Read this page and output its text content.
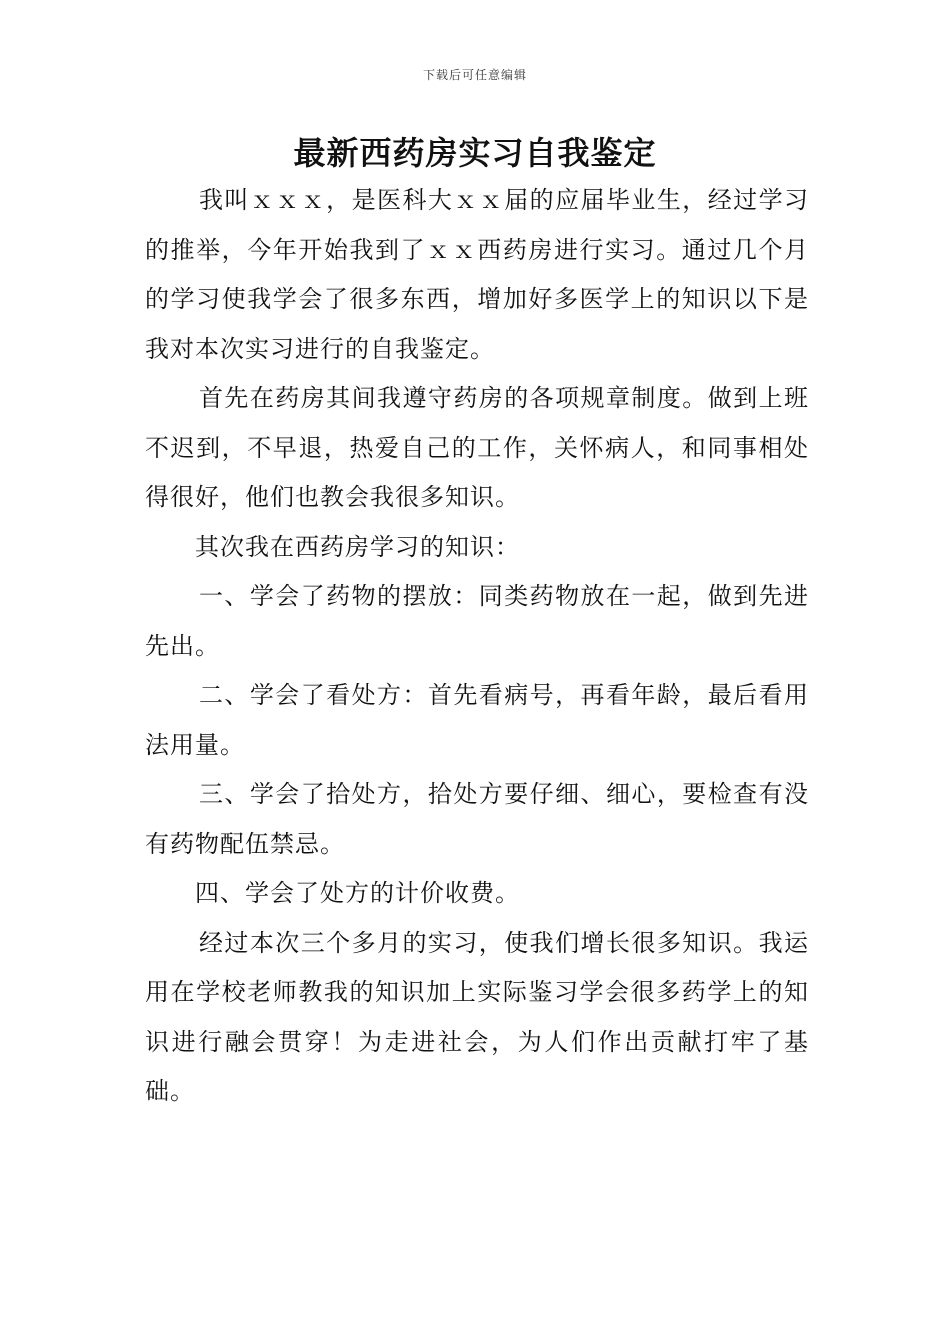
下载后可任意编辑
最新西药房实习自我鉴定

我叫ｘｘｘ，是医科大ｘｘ届的应届毕业生，经过学习的推举，今年开始我到了ｘｘ西药房进行实习。通过几个月的学习使我学会了很多东西，增加好多医学上的知识以下是我对本次实习进行的自我鉴定。

首先在药房其间我遵守药房的各项规章制度。做到上班不迟到，不早退，热爱自己的工作，关怀病人，和同事相处得很好，他们也教会我很多知识。

其次我在西药房学习的知识：

一、学会了药物的摆放：同类药物放在一起，做到先进先出。

二、学会了看处方：首先看病号，再看年龄，最后看用法用量。

三、学会了拾处方，拾处方要仔细、细心，要检查有没有药物配伍禁忌。

四、学会了处方的计价收费。

经过本次三个多月的实习，使我们增长很多知识。我运用在学校老师教我的知识加上实际鉴习学会很多药学上的知识进行融会贯穿！为走进社会，为人们作出贡献打牢了基础。
